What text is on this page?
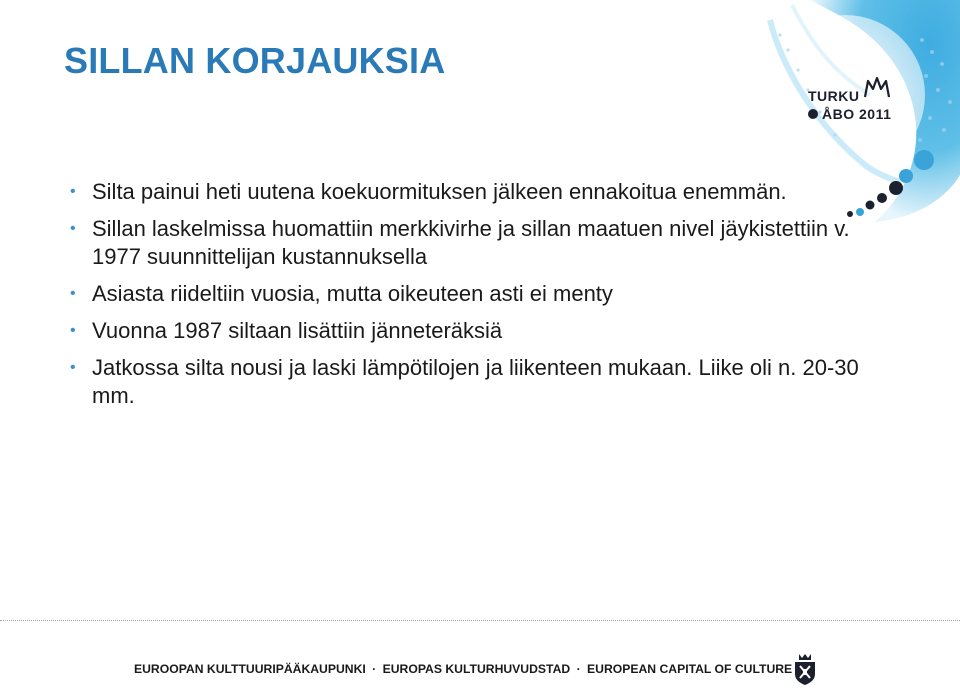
TURKU
ÅBO 2011
SILLAN KORJAUKSIA
• Silta painui heti uutena koekuormituksen jälkeen ennakoitua enemmän.
• Sillan laskelmissa huomattiin merkkivirhe ja sillan maatuen nivel jäykistettiin v. 1977 suunnittelijan kustannuksella
• Asiasta riideltiin vuosia, mutta oikeuteen asti ei menty
• Vuonna 1987 siltaan lisättiin jänneteräksiä
• Jatkossa silta nousi ja laski lämpötilojen ja liikenteen mukaan. Liike oli n. 20-30 mm.
EUROOPAN KULTTUURIPÄÄKAUPUNKI · EUROPAS KULTURHUVUDSTAD · EUROPEAN CAPITAL OF CULTURE
